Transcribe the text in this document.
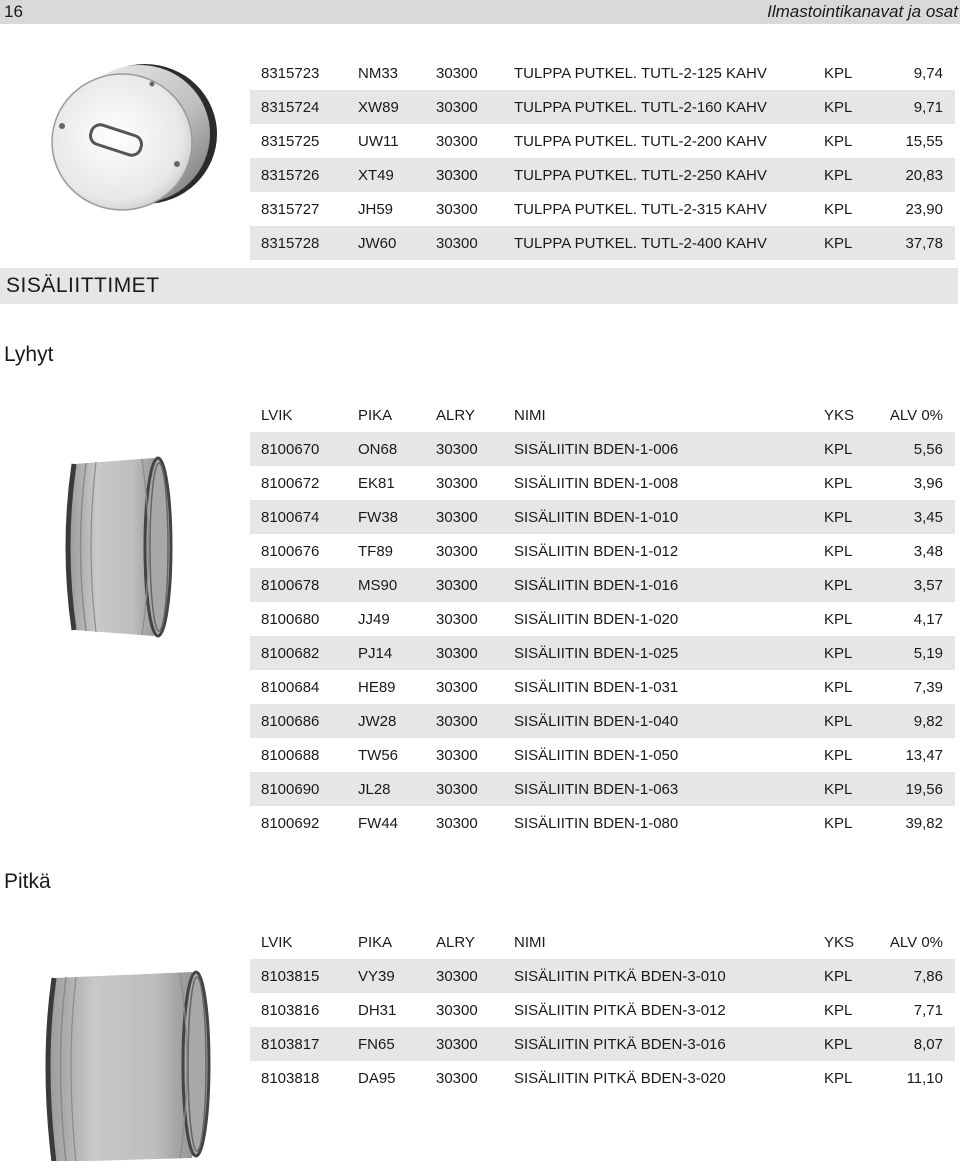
16	Ilmastointikanavat ja osat
8315723	NM33	30300	TULPPA PUTKEL. TUTL-2-125 KAHV	KPL	9,74
8315724	XW89	30300	TULPPA PUTKEL. TUTL-2-160 KAHV	KPL	9,71
8315725	UW11	30300	TULPPA PUTKEL. TUTL-2-200 KAHV	KPL	15,55
8315726	XT49	30300	TULPPA PUTKEL. TUTL-2-250 KAHV	KPL	20,83
8315727	JH59	30300	TULPPA PUTKEL. TUTL-2-315 KAHV	KPL	23,90
8315728	JW60	30300	TULPPA PUTKEL. TUTL-2-400 KAHV	KPL	37,78
SISÄLIITTIMET
Lyhyt
LVIK	PIKA	ALRY	NIMI	YKS	ALV 0%
8100670	ON68	30300	SISÄLIITIN BDEN-1-006	KPL	5,56
8100672	EK81	30300	SISÄLIITIN BDEN-1-008	KPL	3,96
8100674	FW38	30300	SISÄLIITIN BDEN-1-010	KPL	3,45
8100676	TF89	30300	SISÄLIITIN BDEN-1-012	KPL	3,48
8100678	MS90	30300	SISÄLIITIN BDEN-1-016	KPL	3,57
8100680	JJ49	30300	SISÄLIITIN BDEN-1-020	KPL	4,17
8100682	PJ14	30300	SISÄLIITIN BDEN-1-025	KPL	5,19
8100684	HE89	30300	SISÄLIITIN BDEN-1-031	KPL	7,39
8100686	JW28	30300	SISÄLIITIN BDEN-1-040	KPL	9,82
8100688	TW56	30300	SISÄLIITIN BDEN-1-050	KPL	13,47
8100690	JL28	30300	SISÄLIITIN BDEN-1-063	KPL	19,56
8100692	FW44	30300	SISÄLIITIN BDEN-1-080	KPL	39,82
Pitkä
LVIK	PIKA	ALRY	NIMI	YKS	ALV 0%
8103815	VY39	30300	SISÄLIITIN PITKÄ BDEN-3-010	KPL	7,86
8103816	DH31	30300	SISÄLIITIN PITKÄ BDEN-3-012	KPL	7,71
8103817	FN65	30300	SISÄLIITIN PITKÄ BDEN-3-016	KPL	8,07
8103818	DA95	30300	SISÄLIITIN PITKÄ BDEN-3-020	KPL	11,10
